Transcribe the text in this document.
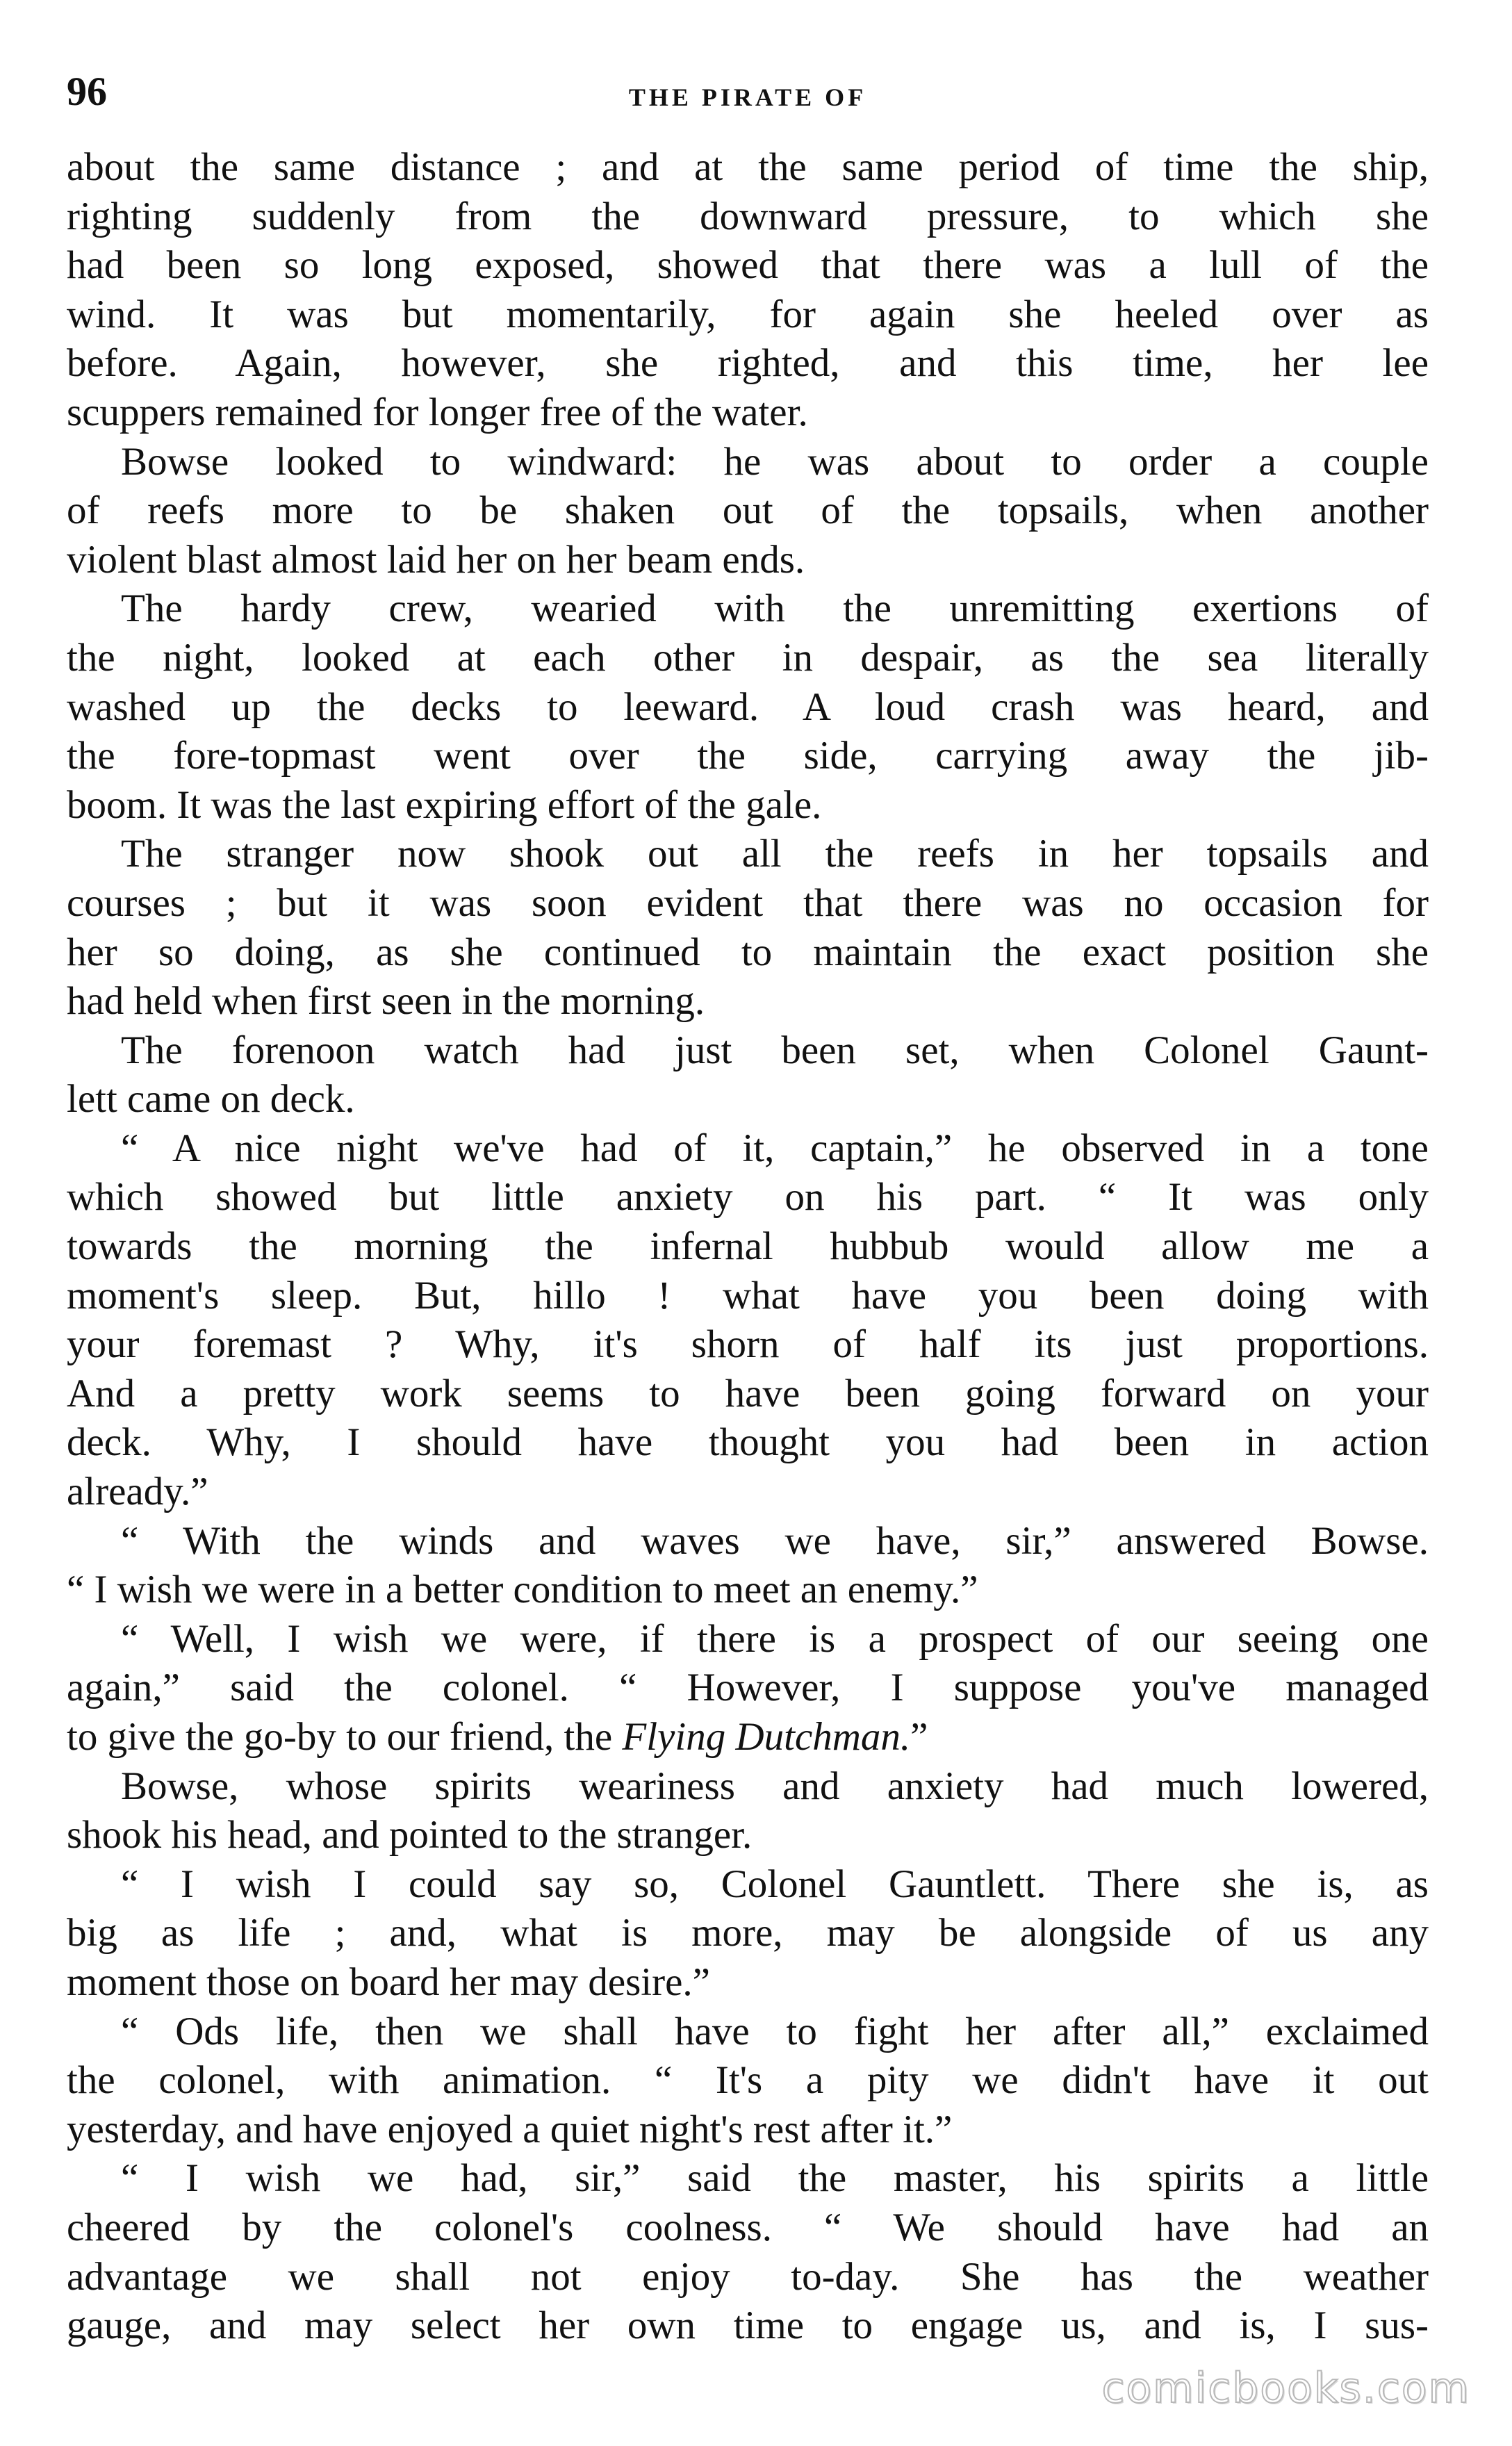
96	THE PIRATE OF
about the same distance ; and at the same period of time the ship,
righting suddenly from the downward pressure, to which she
had been so long exposed, showed that there was a lull of the
wind. It was but momentarily, for again she heeled over as
before. Again, however, she righted, and this time, her lee
scuppers remained for longer free of the water.
Bowse looked to windward: he was about to order a couple
of reefs more to be shaken out of the topsails, when another
violent blast almost laid her on her beam ends.
The hardy crew, wearied with the unremitting exertions of
the night, looked at each other in despair, as the sea literally
washed up the decks to leeward. A loud crash was heard, and
the fore-topmast went over the side, carrying away the jib-
boom. It was the last expiring effort of the gale.
The stranger now shook out all the reefs in her topsails and
courses ; but it was soon evident that there was no occasion for
her so doing, as she continued to maintain the exact position she
had held when first seen in the morning.
The forenoon watch had just been set, when Colonel Gaunt-
lett came on deck.
“ A nice night we've had of it, captain,” he observed in a tone
which showed but little anxiety on his part. “ It was only
towards the morning the infernal hubbub would allow me a
moment's sleep. But, hillo ! what have you been doing with
your foremast ? Why, it's shorn of half its just proportions.
And a pretty work seems to have been going forward on your
deck. Why, I should have thought you had been in action
already.”
“ With the winds and waves we have, sir,” answered Bowse.
“ I wish we were in a better condition to meet an enemy.”
“ Well, I wish we were, if there is a prospect of our seeing one
again,” said the colonel. “ However, I suppose you've managed
to give the go-by to our friend, the Flying Dutchman.”
Bowse, whose spirits weariness and anxiety had much lowered,
shook his head, and pointed to the stranger.
“ I wish I could say so, Colonel Gauntlett. There she is, as
big as life ; and, what is more, may be alongside of us any
moment those on board her may desire.”
“ Ods life, then we shall have to fight her after all,” exclaimed
the colonel, with animation. “ It's a pity we didn't have it out
yesterday, and have enjoyed a quiet night's rest after it.”
“ I wish we had, sir,” said the master, his spirits a little
cheered by the colonel's coolness. “ We should have had an
advantage we shall not enjoy to-day. She has the weather
gauge, and may select her own time to engage us, and is, I sus-
comicbooks.com
